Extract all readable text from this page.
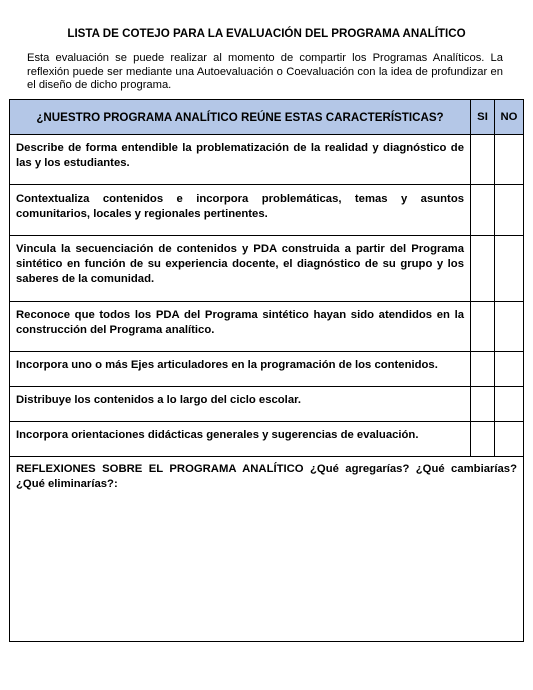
LISTA DE COTEJO PARA LA EVALUACIÓN DEL PROGRAMA ANALÍTICO
Esta evaluación se puede realizar al momento de compartir los Programas Analíticos. La reflexión puede ser mediante una Autoevaluación o Coevaluación con la idea de profundizar en el diseño de dicho programa.
¿NUESTRO PROGRAMA ANALÍTICO REÚNE ESTAS CARACTERÍSTICAS?	SI	NO
Describe de forma entendible la problematización de la realidad y diagnóstico de las y los estudiantes.		
Contextualiza contenidos e incorpora problemáticas, temas y asuntos comunitarios, locales y regionales pertinentes.		
Vincula la secuenciación de contenidos y PDA construida a partir del Programa sintético en función de su experiencia docente, el diagnóstico de su grupo y los saberes de la comunidad.		
Reconoce que todos los PDA del Programa sintético hayan sido atendidos en la construcción del Programa analítico.		
Incorpora uno o más Ejes articuladores en la programación de los contenidos.		
Distribuye los contenidos a lo largo del ciclo escolar.		
Incorpora orientaciones didácticas generales y sugerencias de evaluación.		
REFLEXIONES SOBRE EL PROGRAMA ANALÍTICO ¿Qué agregarías? ¿Qué cambiarías? ¿Qué eliminarías?:		
